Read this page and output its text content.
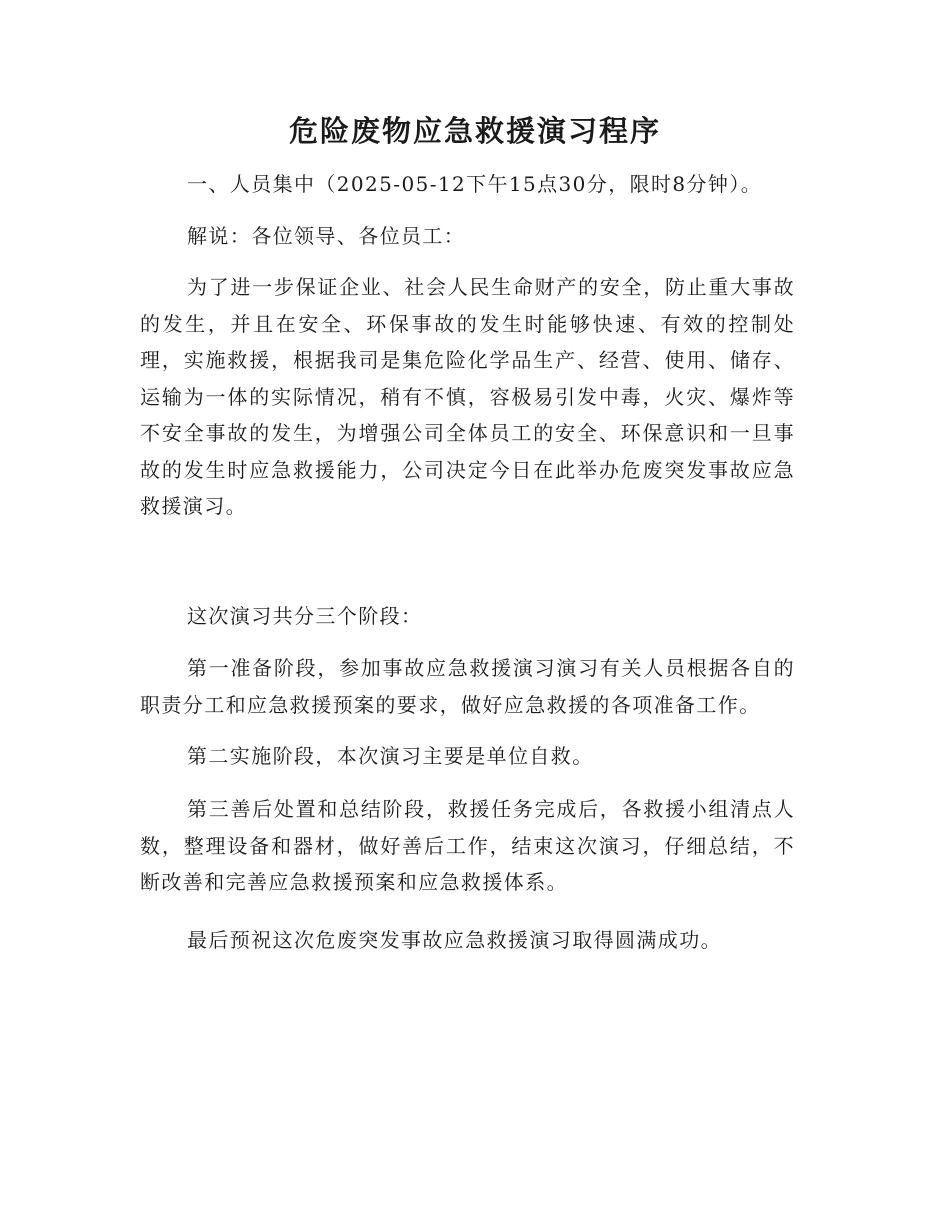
危险废物应急救援演习程序

一、人员集中（2025-05-12下午15点30分，限时8分钟）。

解说：各位领导、各位员工：

为了进一步保证企业、社会人民生命财产的安全，防止重大事故的发生，并且在安全、环保事故的发生时能够快速、有效的控制处理，实施救援，根据我司是集危险化学品生产、经营、使用、储存、运输为一体的实际情况，稍有不慎，容极易引发中毒，火灾、爆炸等不安全事故的发生，为增强公司全体员工的安全、环保意识和一旦事故的发生时应急救援能力，公司决定今日在此举办危废突发事故应急救援演习。

这次演习共分三个阶段：

第一准备阶段，参加事故应急救援演习演习有关人员根据各自的职责分工和应急救援预案的要求，做好应急救援的各项准备工作。

第二实施阶段，本次演习主要是单位自救。

第三善后处置和总结阶段，救援任务完成后，各救援小组清点人数，整理设备和器材，做好善后工作，结束这次演习，仔细总结，不断改善和完善应急救援预案和应急救援体系。

最后预祝这次危废突发事故应急救援演习取得圆满成功。
